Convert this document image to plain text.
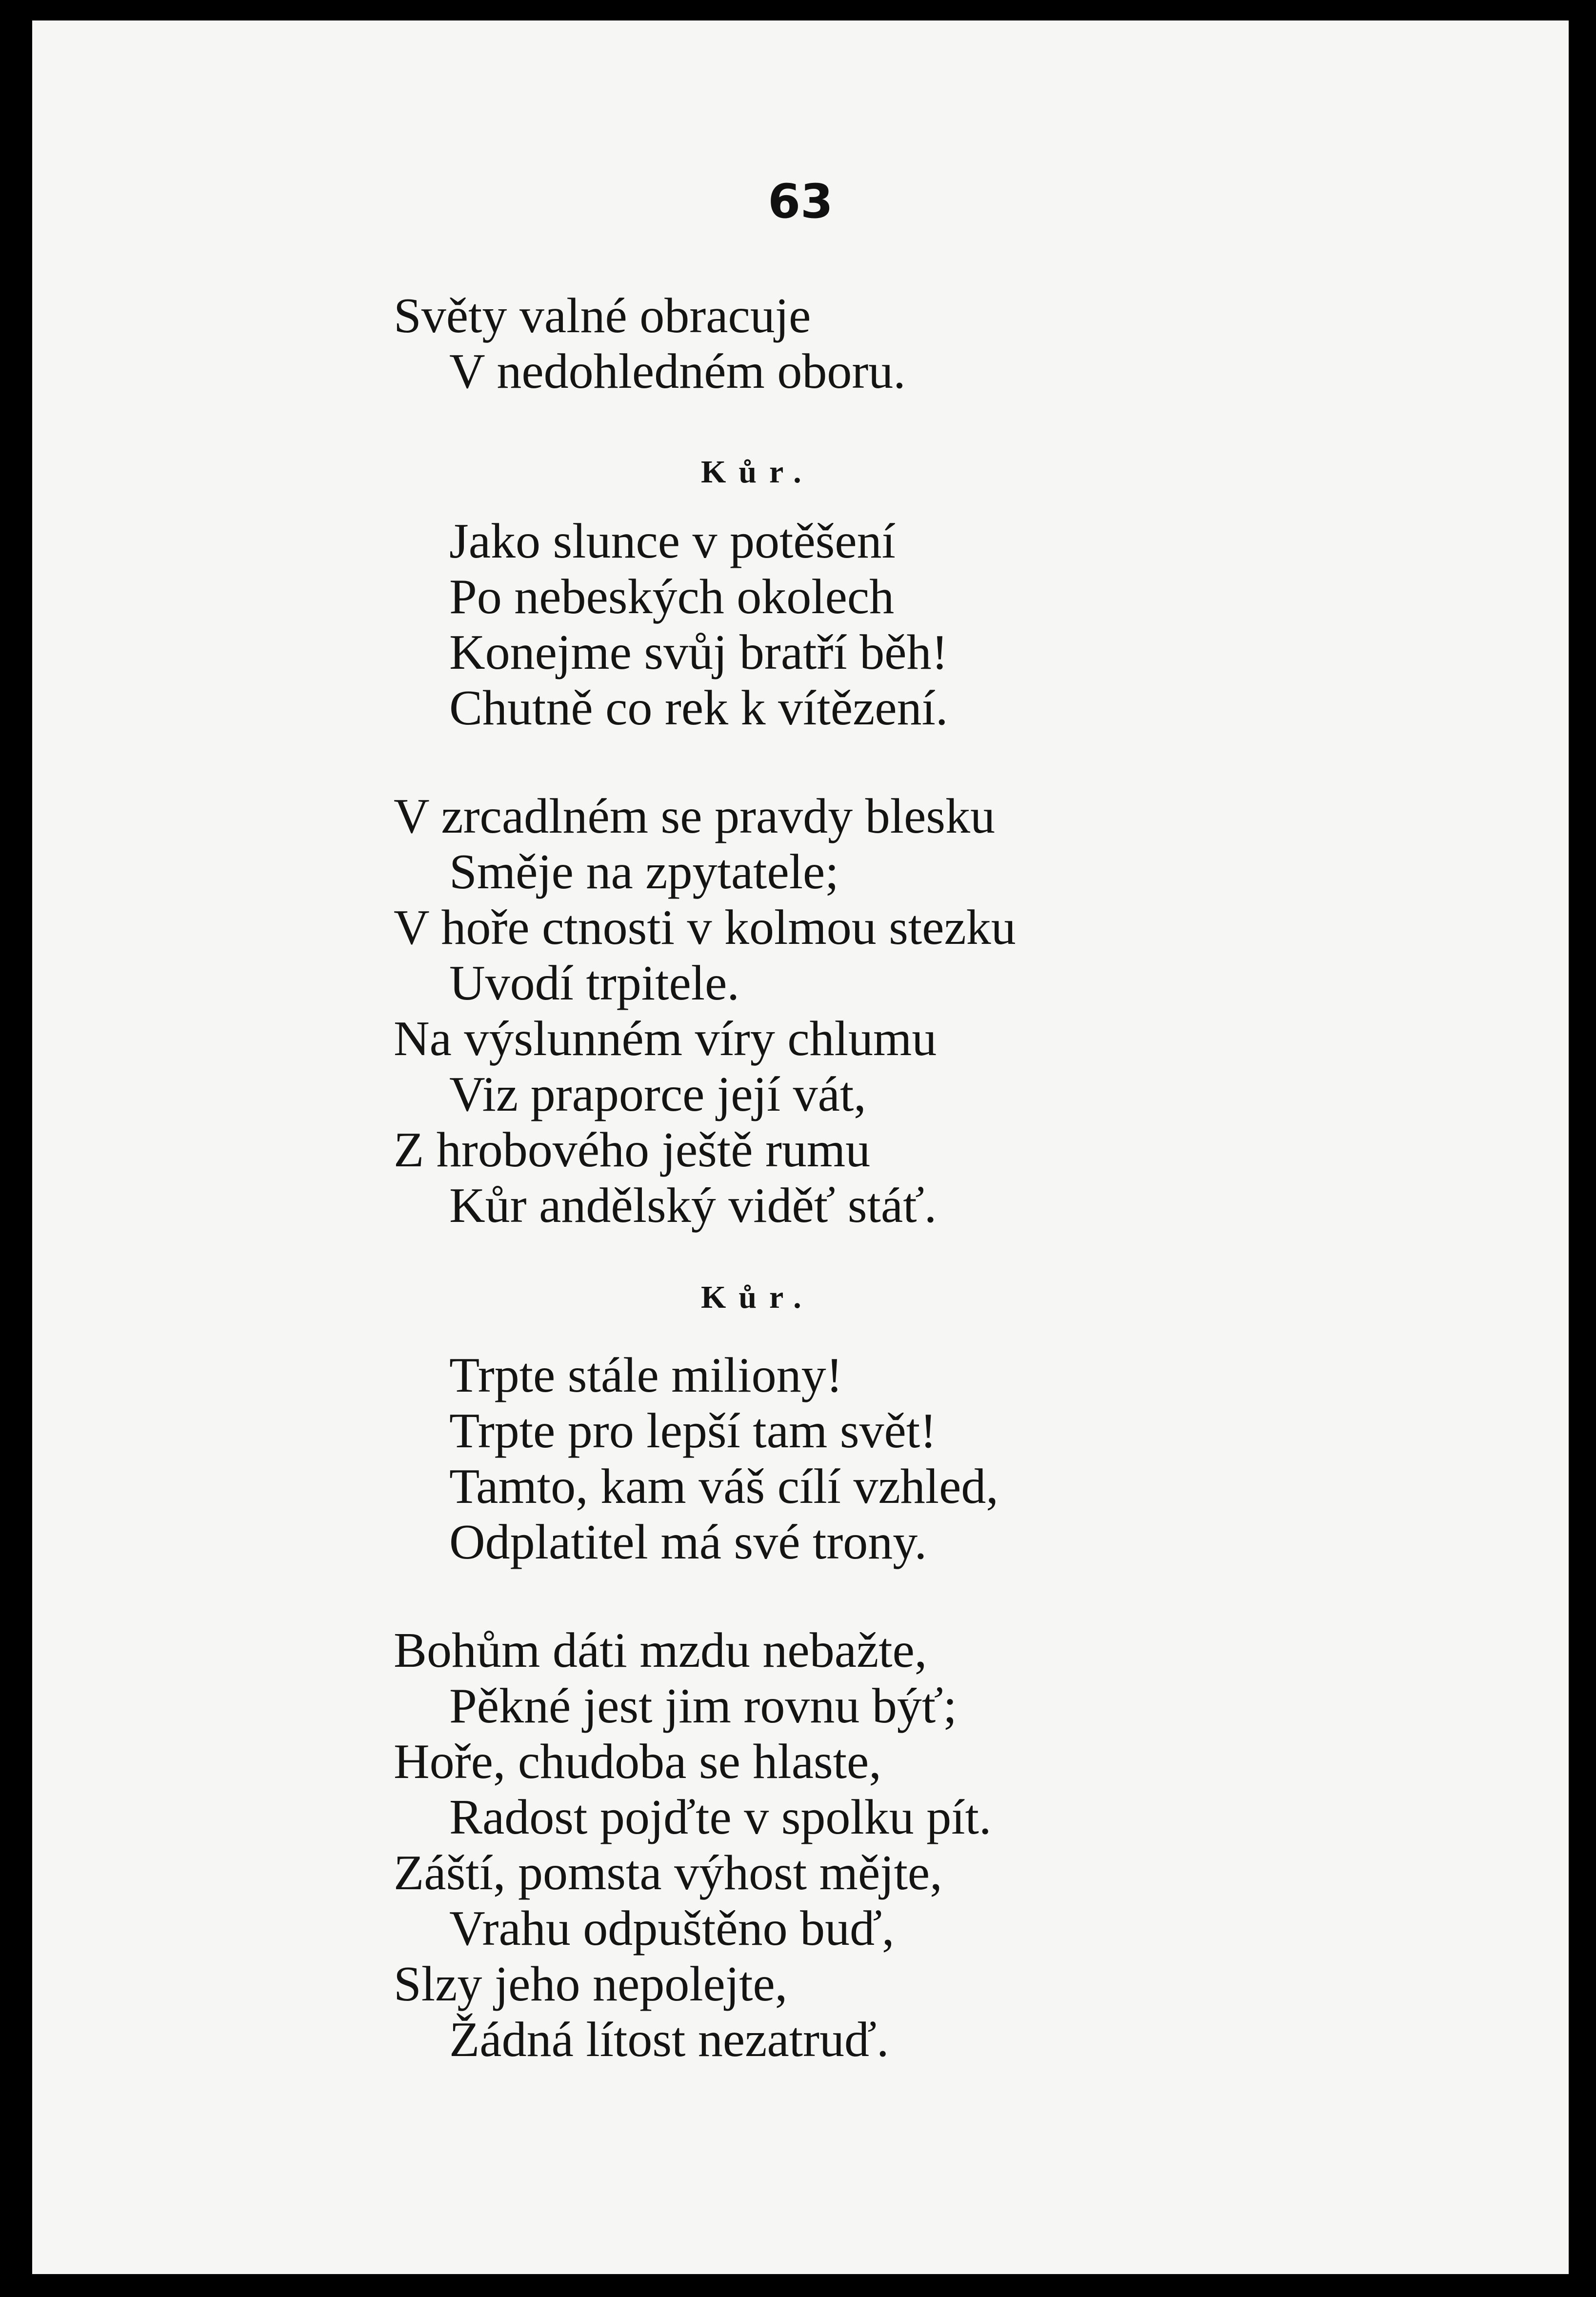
63
Světy valné obracuje
V nedohledném oboru.
Kůr.
Jako slunce v potěšení
Po nebeských okolech
Konejme svůj bratří běh!
Chutně co rek k vítězení.
V zrcadlném se pravdy blesku
Směje na zpytatele;
V hoře ctnosti v kolmou stezku
Uvodí trpitele.
Na výslunném víry chlumu
Viz praporce její vát,
Z hrobového ještě rumu
Kůr andělský viděť stáť.
Kůr.
Trpte stále miliony!
Trpte pro lepší tam svět!
Tamto, kam váš cílí vzhled,
Odplatitel má své trony.
Bohům dáti mzdu nebažte,
Pěkné jest jim rovnu býť;
Hoře, chudoba se hlaste,
Radost pojďte v spolku pít.
Záští, pomsta výhost mějte,
Vrahu odpuštěno buď,
Slzy jeho nepolejte,
Žádná lítost nezatruď.
